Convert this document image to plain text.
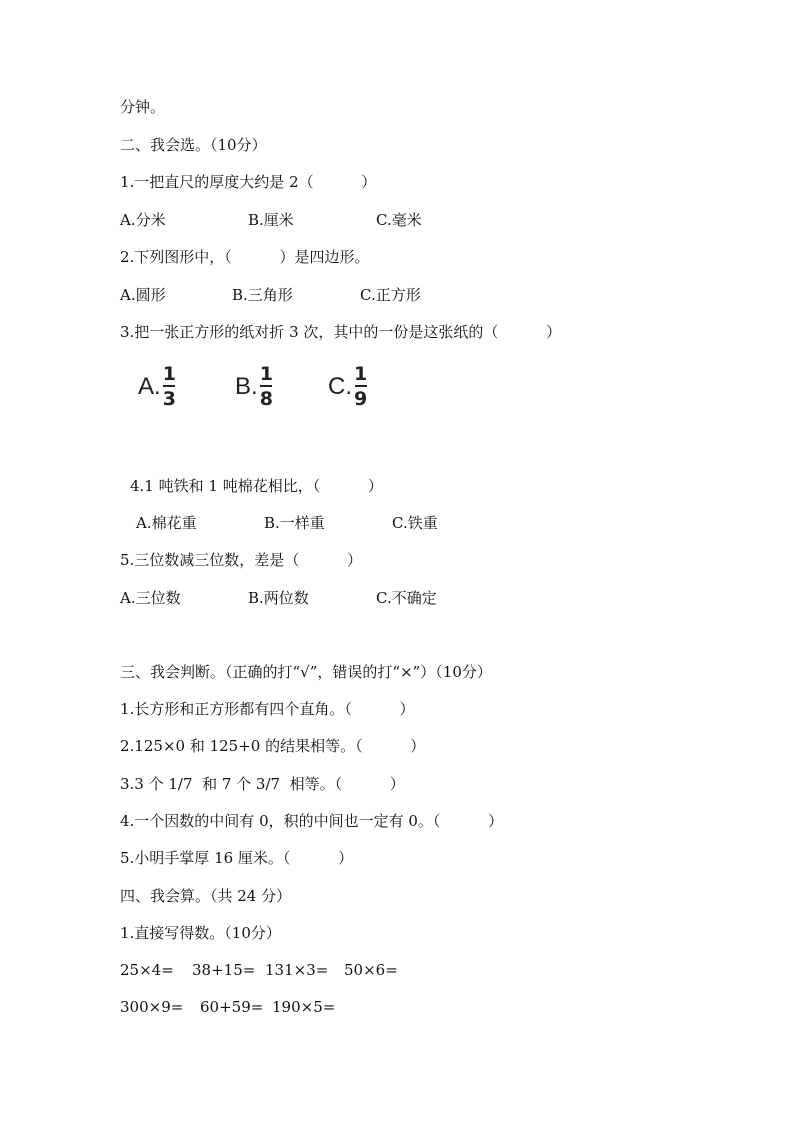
分钟。
二、我会选。（10分）
1.一把直尺的厚度大约是 2（          ）
A.分米	B.厘米	C.毫米
2.下列图形中，（          ）是四边形。
A.圆形	B.三角形	C.正方形
3.把一张正方形的纸对折 3 次，其中的一份是这张纸的（          ）
A. $\frac{1}{3} B$. $\frac{1}{8} C$. $\frac{1}{9}$
4.1 吨铁和 1 吨棉花相比，（          ）
A.棉花重	B.一样重	C.铁重
5.三位数减三位数，差是（          ）
A.三位数	B.两位数	C.不确定
三、我会判断。（正确的打“√”，错误的打“×”）（10分）
1.长方形和正方形都有四个直角。（          ）
2.125×0 和 125+0 的结果相等。（          ）
3.3 个 1/7  和 7 个 3/7  相等。（          ）
4.一个因数的中间有 0，积的中间也一定有 0。（          ）
5.小明手掌厚 16 厘米。（          ）
四、我会算。（共 24 分）
1.直接写得数。（10分）
25×4= 38+15= 131×3= 50×6=
300×9= 60+59= 190×5=
